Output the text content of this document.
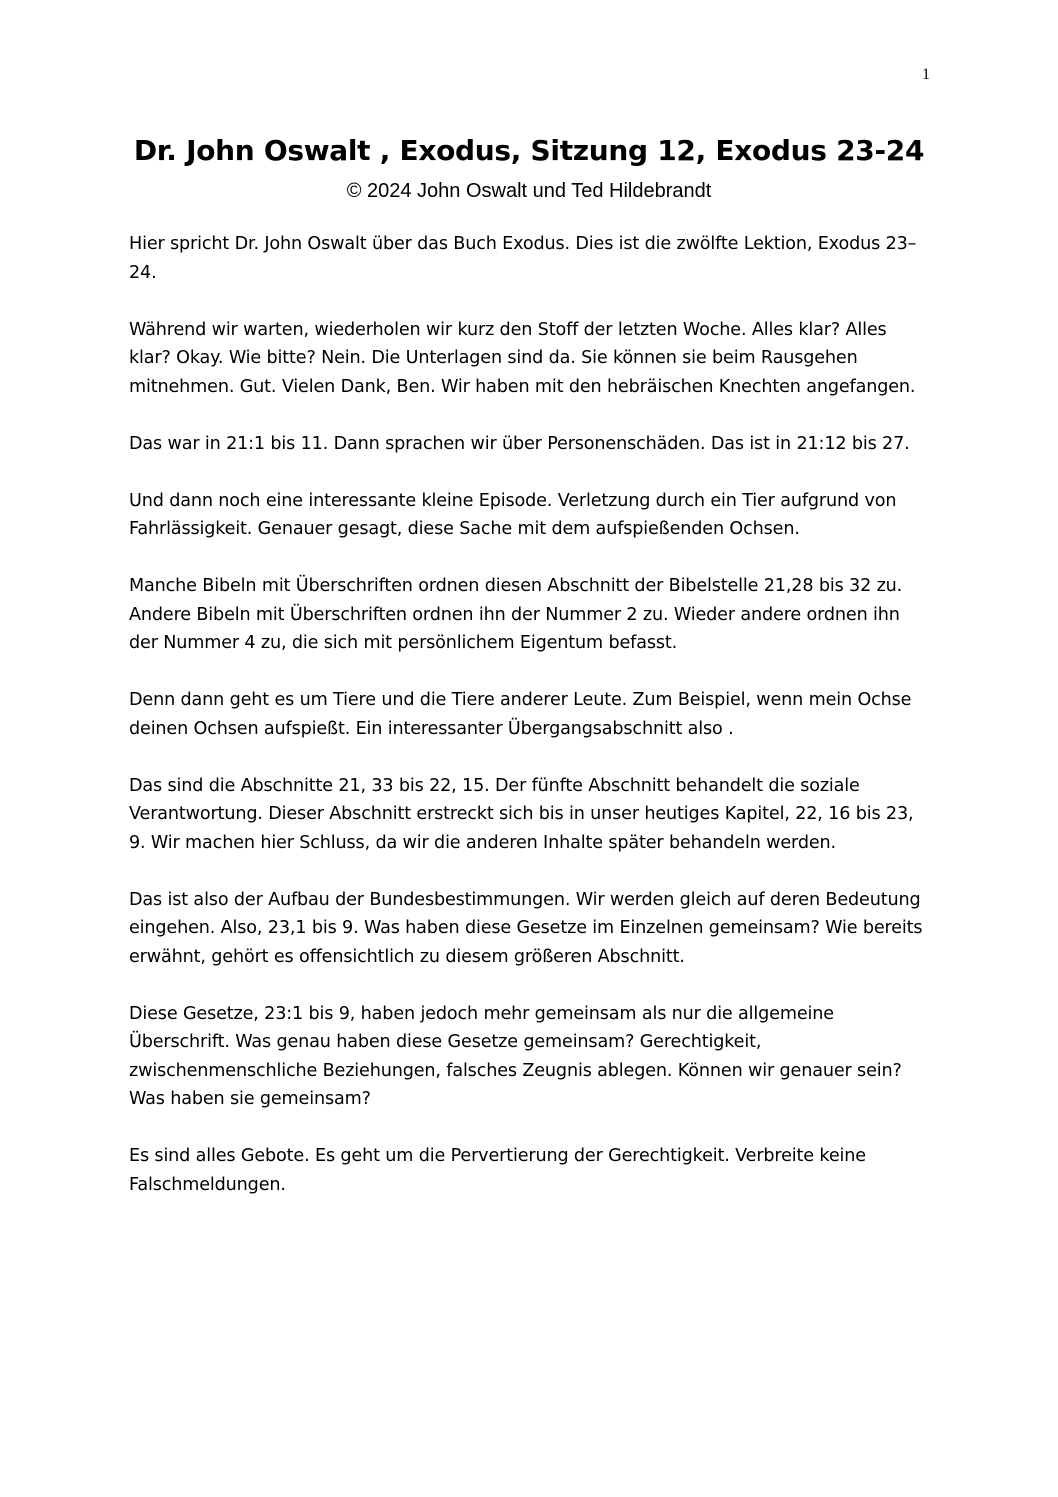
1
Dr. John Oswalt , Exodus, Sitzung 12, Exodus 23-24
© 2024 John Oswalt und Ted Hildebrandt

Hier spricht Dr. John Oswalt über das Buch Exodus. Dies ist die zwölfte Lektion, Exodus 23–24.

Während wir warten, wiederholen wir kurz den Stoff der letzten Woche. Alles klar? Alles klar? Okay. Wie bitte? Nein. Die Unterlagen sind da. Sie können sie beim Rausgehen mitnehmen. Gut. Vielen Dank, Ben. Wir haben mit den hebräischen Knechten angefangen.

Das war in 21:1 bis 11. Dann sprachen wir über Personenschäden. Das ist in 21:12 bis 27.

Und dann noch eine interessante kleine Episode. Verletzung durch ein Tier aufgrund von Fahrlässigkeit. Genauer gesagt, diese Sache mit dem aufspießenden Ochsen.

Manche Bibeln mit Überschriften ordnen diesen Abschnitt der Bibelstelle 21,28 bis 32 zu. Andere Bibeln mit Überschriften ordnen ihn der Nummer 2 zu. Wieder andere ordnen ihn der Nummer 4 zu, die sich mit persönlichem Eigentum befasst.

Denn dann geht es um Tiere und die Tiere anderer Leute. Zum Beispiel, wenn mein Ochse deinen Ochsen aufspießt. Ein interessanter Übergangsabschnitt also .

Das sind die Abschnitte 21, 33 bis 22, 15. Der fünfte Abschnitt behandelt die soziale Verantwortung. Dieser Abschnitt erstreckt sich bis in unser heutiges Kapitel, 22, 16 bis 23, 9. Wir machen hier Schluss, da wir die anderen Inhalte später behandeln werden.

Das ist also der Aufbau der Bundesbestimmungen. Wir werden gleich auf deren Bedeutung eingehen. Also, 23,1 bis 9. Was haben diese Gesetze im Einzelnen gemeinsam? Wie bereits erwähnt, gehört es offensichtlich zu diesem größeren Abschnitt.

Diese Gesetze, 23:1 bis 9, haben jedoch mehr gemeinsam als nur die allgemeine Überschrift. Was genau haben diese Gesetze gemeinsam? Gerechtigkeit, zwischenmenschliche Beziehungen, falsches Zeugnis ablegen. Können wir genauer sein? Was haben sie gemeinsam?

Es sind alles Gebote. Es geht um die Pervertierung der Gerechtigkeit. Verbreite keine Falschmeldungen.
